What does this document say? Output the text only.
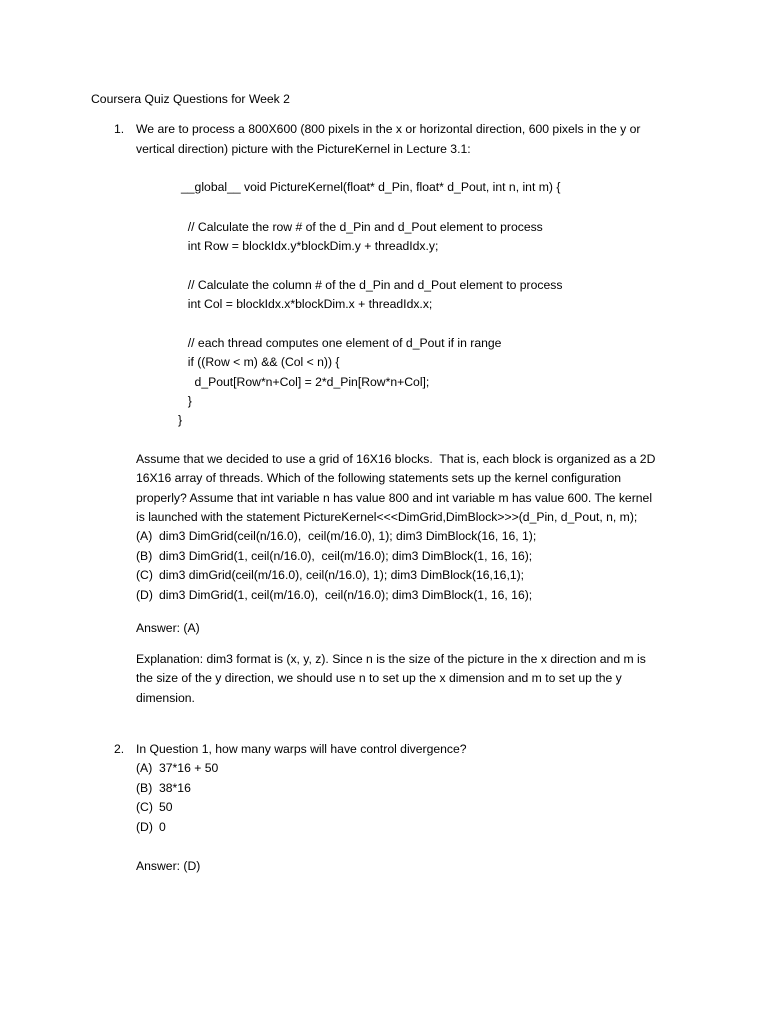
Coursera Quiz Questions for Week 2
1. We are to process a 800X600 (800 pixels in the x or horizontal direction, 600 pixels in the y or
vertical direction) picture with the PictureKernel in Lecture 3.1:
__global__ void PictureKernel(float* d_Pin, float* d_Pout, int n, int m) {
// Calculate the row # of the d_Pin and d_Pout element to process
int Row = blockIdx.y*blockDim.y + threadIdx.y;
// Calculate the column # of the d_Pin and d_Pout element to process
int Col = blockIdx.x*blockDim.x + threadIdx.x;
// each thread computes one element of d_Pout if in range
if ((Row < m) && (Col < n)) {
d_Pout[Row*n+Col] = 2*d_Pin[Row*n+Col];
}
}
Assume that we decided to use a grid of 16X16 blocks.  That is, each block is organized as a 2D
16X16 array of threads. Which of the following statements sets up the kernel configuration
properly? Assume that int variable n has value 800 and int variable m has value 600. The kernel
is launched with the statement PictureKernel<<<DimGrid,DimBlock>>>(d_Pin, d_Pout, n, m);
(A) dim3 DimGrid(ceil(n/16.0),  ceil(m/16.0), 1); dim3 DimBlock(16, 16, 1);
(B) dim3 DimGrid(1, ceil(n/16.0),  ceil(m/16.0); dim3 DimBlock(1, 16, 16);
(C) dim3 dimGrid(ceil(m/16.0), ceil(n/16.0), 1); dim3 DimBlock(16,16,1);
(D) dim3 DimGrid(1, ceil(m/16.0),  ceil(n/16.0); dim3 DimBlock(1, 16, 16);
Answer: (A)
Explanation: dim3 format is (x, y, z). Since n is the size of the picture in the x direction and m is
the size of the y direction, we should use n to set up the x dimension and m to set up the y
dimension.
2. In Question 1, how many warps will have control divergence?
(A) 37*16 + 50
(B) 38*16
(C) 50
(D) 0
Answer: (D)
